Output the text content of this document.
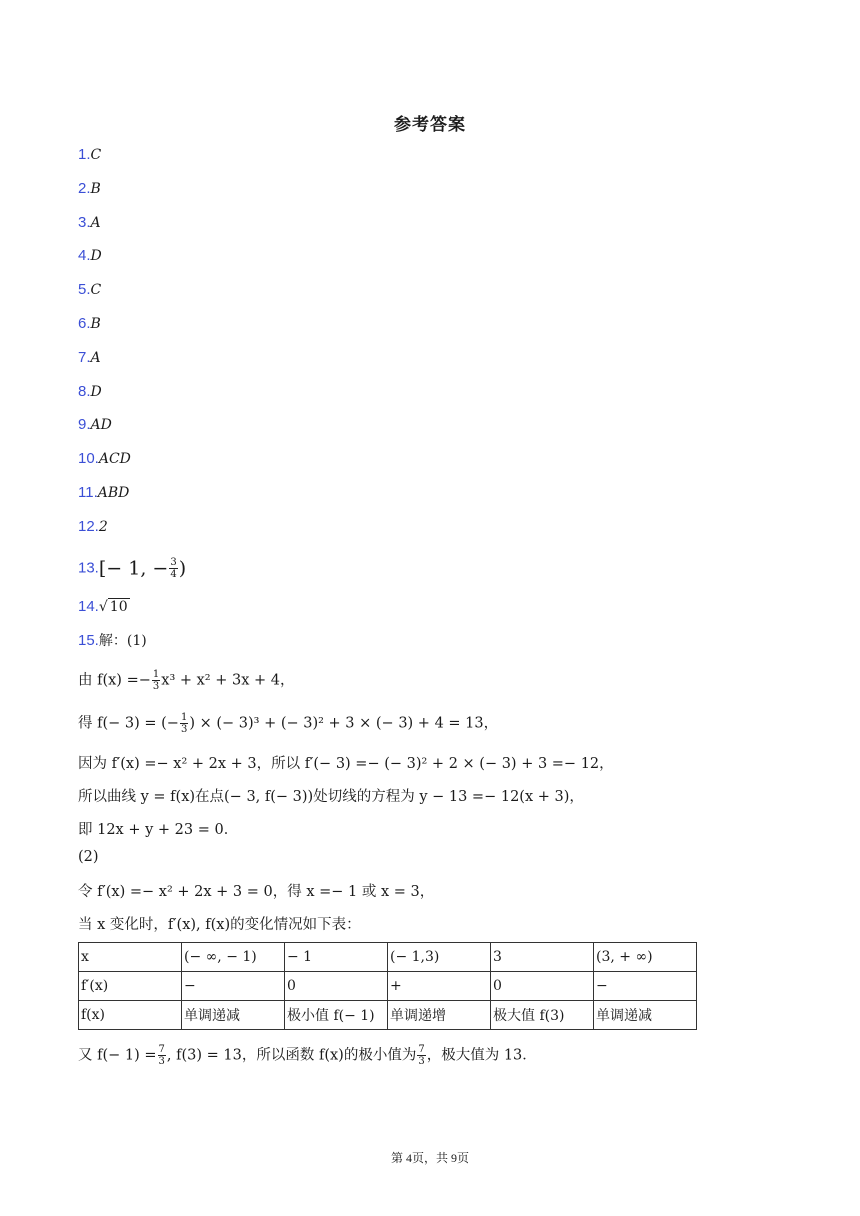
参考答案
1.C
2.B
3.A
4.D
5.C
6.B
7.A
8.D
9.AD
10.ACD
11.ABD
12.2
13.[− 1, − $\frac{3}{4}$ )
14.√ 10
15.解：(1)
由 $f(x) =- \frac{1}{3} x^3 + x^2 + 3x + 4$，
得 f(− 3) = (− $\frac{1}{3}$ ) × (− 3)³ + (− 3)² + 3 × (− 3) + 4 = 13，
因为 f′(x) =− x² + 2x + 3，所以 f′(− 3) =− (− 3)² + 2 × (− 3) + 3 =− 12，
所以曲线 y = f(x)在点(− 3, f(− 3))处切线的方程为 y − 13 =− 12(x + 3)，
即 12x + y + 23 = 0．
(2)
令 f′(x) =− x² + 2x + 3 = 0，得 x =− 1 或 x = 3，
当 x 变化时，f′(x), f(x)的变化情况如下表：
x	(− ∞, − 1)	− 1	(− 1,3)	3	(3, + ∞)
f′(x)	−	0	+	0	−
f(x)	单调递减	极小值 f(− 1)	单调递增	极大值 f(3)	单调递减
又 $f(- 1) = \frac{7}{3}$ , f(3) = 13，所以函数 f(x)的极小值为 $\frac{7}{3}$ ，极大值为 13．
第 4页，共 9页
